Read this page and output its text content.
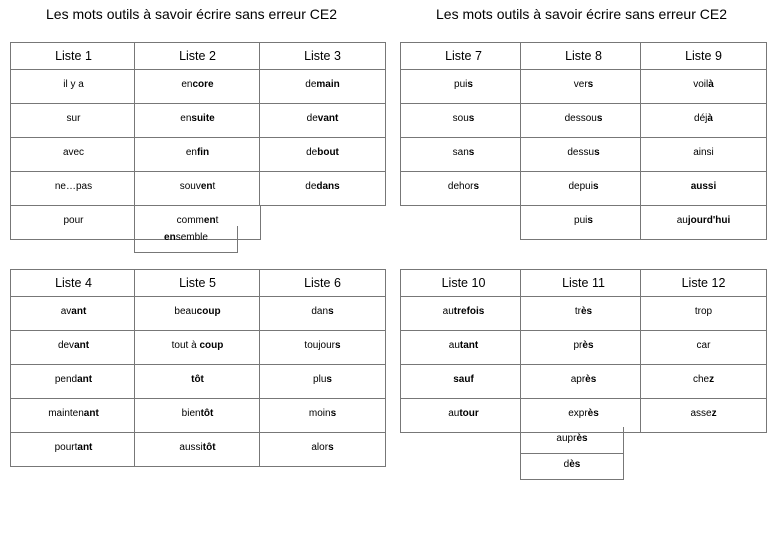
Les mots outils à savoir écrire sans erreur CE2	Les mots outils à savoir écrire sans erreur CE2
Liste 1
il y a
sur
avec
ne…pas
pour
Liste 2
encore
ensuite
enfin
souvent
comment
Liste 3
demain
devant
debout
dedans
Liste 7
puis
sous
sans
dehors
Liste 8
vers
dessous
dessus
depuis
puis
Liste 9
voilà
déjà
ainsi
aussi
aujourd'hui
Liste 4
avant
devant
pendant
maintenant
pourtant
Liste 5
beaucoup
tout à coup
tôt
bientôt
aussitôt
Liste 6
dans
toujours
plus
moins
alors
Liste 10
autrefois
autant
sauf
autour
Liste 11
très
près
après
exprès
Liste 12
trop
car
chez
assez
ensemble
auprès
dès
